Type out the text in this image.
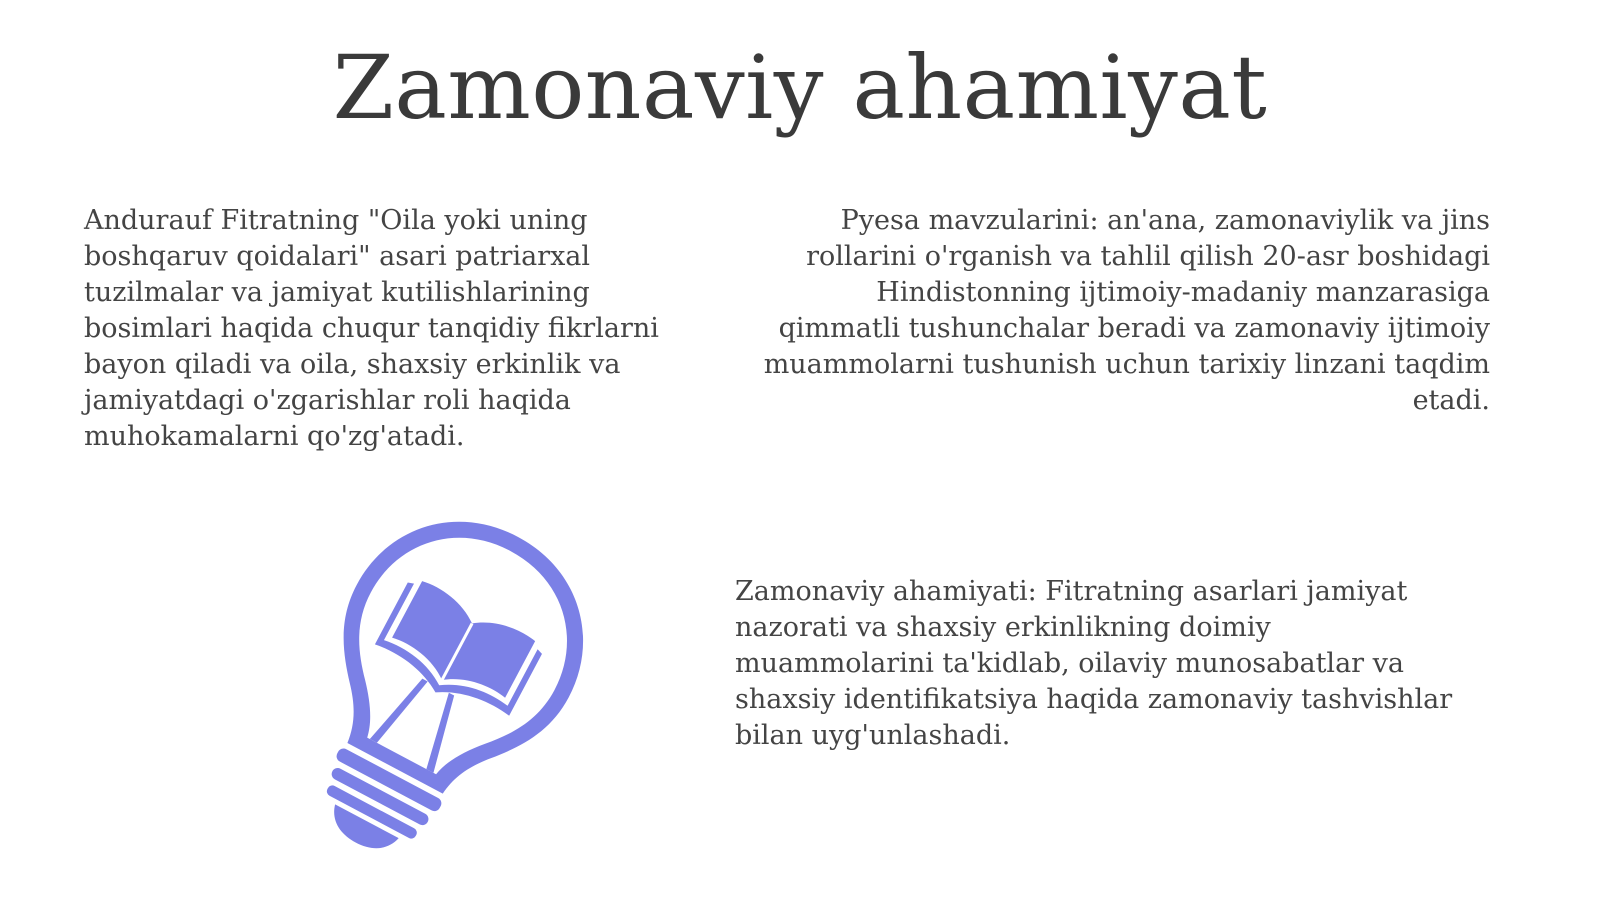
Zamonaviy ahamiyat

Andurauf Fitratning "Oila yoki uning boshqaruv qoidalari" asari patriarxal tuzilmalar va jamiyat kutilishlarining bosimlari haqida chuqur tanqidiy fikrlarni bayon qiladi va oila, shaxsiy erkinlik va jamiyatdagi o'zgarishlar roli haqida muhokamalarni qo'zg'atadi.

Pyesa mavzularini: an'ana, zamonaviylik va jins rollarini o'rganish va tahlil qilish 20-asr boshidagi Hindistonning ijtimoiy-madaniy manzarasiga qimmatli tushunchalar beradi va zamonaviy ijtimoiy muammolarni tushunish uchun tarixiy linzani taqdim etadi.

Zamonaviy ahamiyati: Fitratning asarlari jamiyat nazorati va shaxsiy erkinlikning doimiy muammolarini ta'kidlab, oilaviy munosabatlar va shaxsiy identifikatsiya haqida zamonaviy tashvishlar bilan uyg'unlashadi.
